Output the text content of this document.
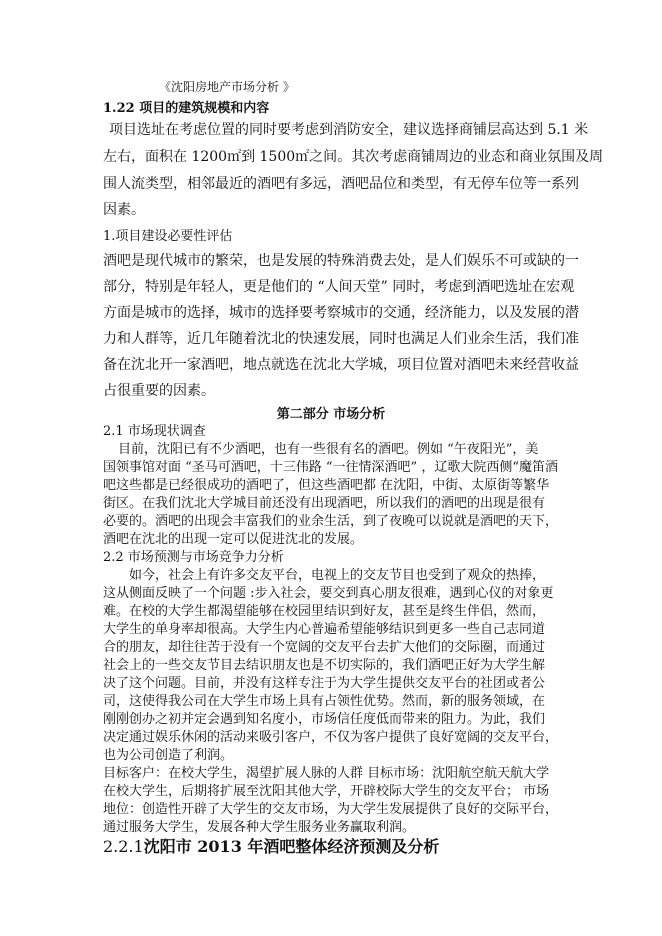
《沈阳房地产市场分析 》
1.22 项目的建筑规模和内容
项目选址在考虑位置的同时要考虑到消防安全，建议选择商铺层高达到 5.1 米
左右，面积在 1200㎡到 1500㎡之间。其次考虑商铺周边的业态和商业氛围及周
围人流类型，相邻最近的酒吧有多远，酒吧品位和类型，有无停车位等一系列
因素。
1.项目建设必要性评估
酒吧是现代城市的繁荣，也是发展的特殊消费去处，是人们娱乐不可或缺的一
部分，特别是年轻人，更是他们的 “人间天堂” 同时，考虑到酒吧选址在宏观
方面是城市的选择，城市的选择要考察城市的交通，经济能力，以及发展的潜
力和人群等，近几年随着沈北的快速发展，同时也满足人们业余生活，我们准
备在沈北开一家酒吧，地点就选在沈北大学城，项目位置对酒吧未来经营收益
占很重要的因素。
第二部分 市场分析
2.1 市场现状调查
目前，沈阳已有不少酒吧，也有一些很有名的酒吧。例如 “午夜阳光”，美
国领事馆对面 “圣马可酒吧，十三伟路 “一往情深酒吧” ，辽歌大院西侧“魔笛酒
吧这些都是已经很成功的酒吧了，但这些酒吧都 在沈阳，中街、太原街等繁华
街区。在我们沈北大学城目前还没有出现酒吧，所以我们的酒吧的出现是很有
必要的。酒吧的出现会丰富我们的业余生活，到了夜晚可以说就是酒吧的天下，
酒吧在沈北的出现一定可以促进沈北的发展。
2.2 市场预测与市场竞争力分析
如今，社会上有许多交友平台，电视上的交友节目也受到了观众的热捧，
这从侧面反映了一个问题 :步入社会，要交到真心朋友很难，遇到心仪的对象更
难。在校的大学生都渴望能够在校园里结识到好友，甚至是终生伴侣，然而，
大学生的单身率却很高。大学生内心普遍希望能够结识到更多一些自己志同道
合的朋友，却往往苦于没有一个宽阔的交友平台去扩大他们的交际圈，而通过
社会上的一些交友节目去结识朋友也是不切实际的，我们酒吧正好为大学生解
决了这个问题。目前，并没有这样专注于为大学生提供交友平台的社团或者公
司，这使得我公司在大学生市场上具有占领性优势。然而，新的服务领域，在
刚刚创办之初并定会遇到知名度小，市场信任度低而带来的阻力。为此，我们
决定通过娱乐休闲的活动来吸引客户，不仅为客户提供了良好宽阔的交友平台，
也为公司创造了利润。
目标客户：在校大学生，渴望扩展人脉的人群 目标市场：沈阳航空航天航大学
在校大学生，后期将扩展至沈阳其他大学，开辟校际大学生的交友平台； 市场
地位：创造性开辟了大学生的交友市场，为大学生发展提供了良好的交际平台，
通过服务大学生，发展各种大学生服务业务赢取利润。
2.2.1沈阳市 2013 年酒吧整体经济预测及分析
